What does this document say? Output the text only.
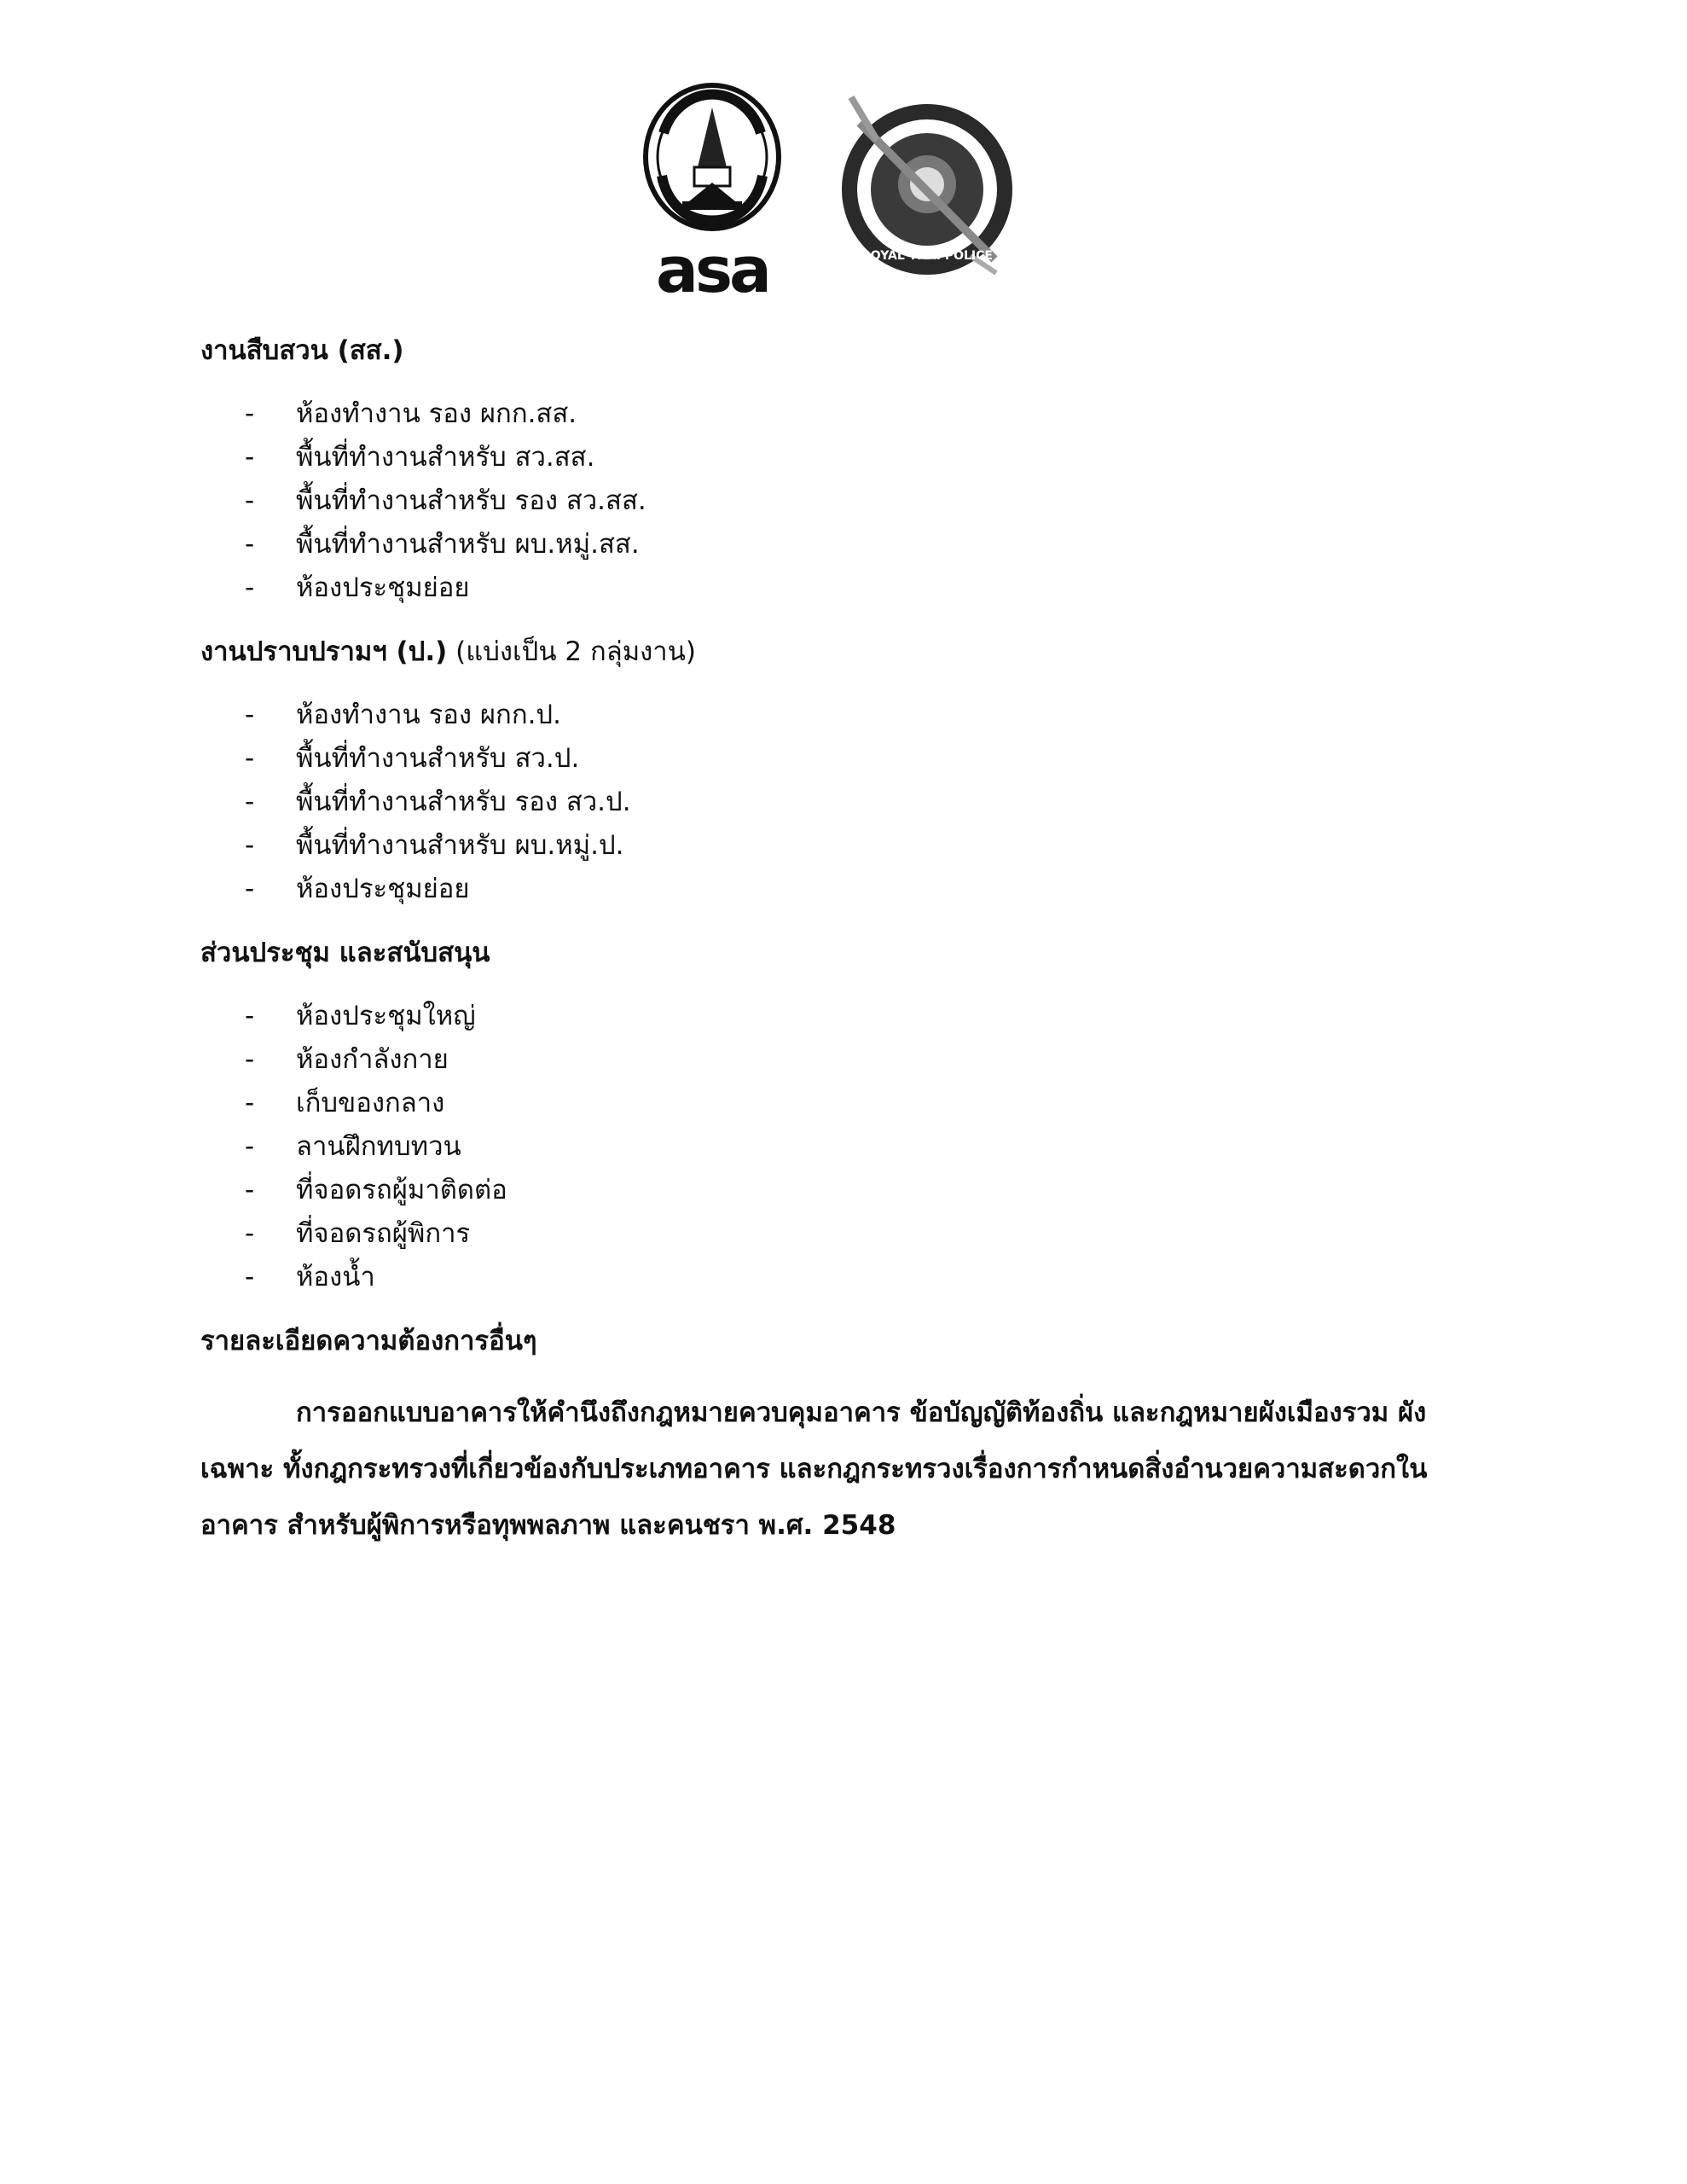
asa	ROYAL THAI POLICE
งานสืบสวน (สส.)
- ห้องทำงาน รอง ผกก.สส.
- พื้นที่ทำงานสำหรับ สว.สส.
- พื้นที่ทำงานสำหรับ รอง สว.สส.
- พื้นที่ทำงานสำหรับ ผบ.หมู่.สส.
- ห้องประชุมย่อย
งานปราบปรามฯ (ป.) (แบ่งเป็น 2 กลุ่มงาน)
- ห้องทำงาน รอง ผกก.ป.
- พื้นที่ทำงานสำหรับ สว.ป.
- พื้นที่ทำงานสำหรับ รอง สว.ป.
- พื้นที่ทำงานสำหรับ ผบ.หมู่.ป.
- ห้องประชุมย่อย
ส่วนประชุม และสนับสนุน
- ห้องประชุมใหญ่
- ห้องกำลังกาย
- เก็บของกลาง
- ลานฝึกทบทวน
- ที่จอดรถผู้มาติดต่อ
- ที่จอดรถผู้พิการ
- ห้องน้ำ
รายละเอียดความต้องการอื่นๆ

การออกแบบอาคารให้คำนึงถึงกฎหมายควบคุมอาคาร ข้อบัญญัติท้องถิ่น และกฎหมายผังเมืองรวม ผังเฉพาะ ทั้งกฎกระทรวงที่เกี่ยวข้องกับประเภทอาคาร และกฎกระทรวงเรื่องการกำหนดสิ่งอำนวยความสะดวกในอาคาร สำหรับผู้พิการหรือทุพพลภาพ และคนชรา พ.ศ. 2548
